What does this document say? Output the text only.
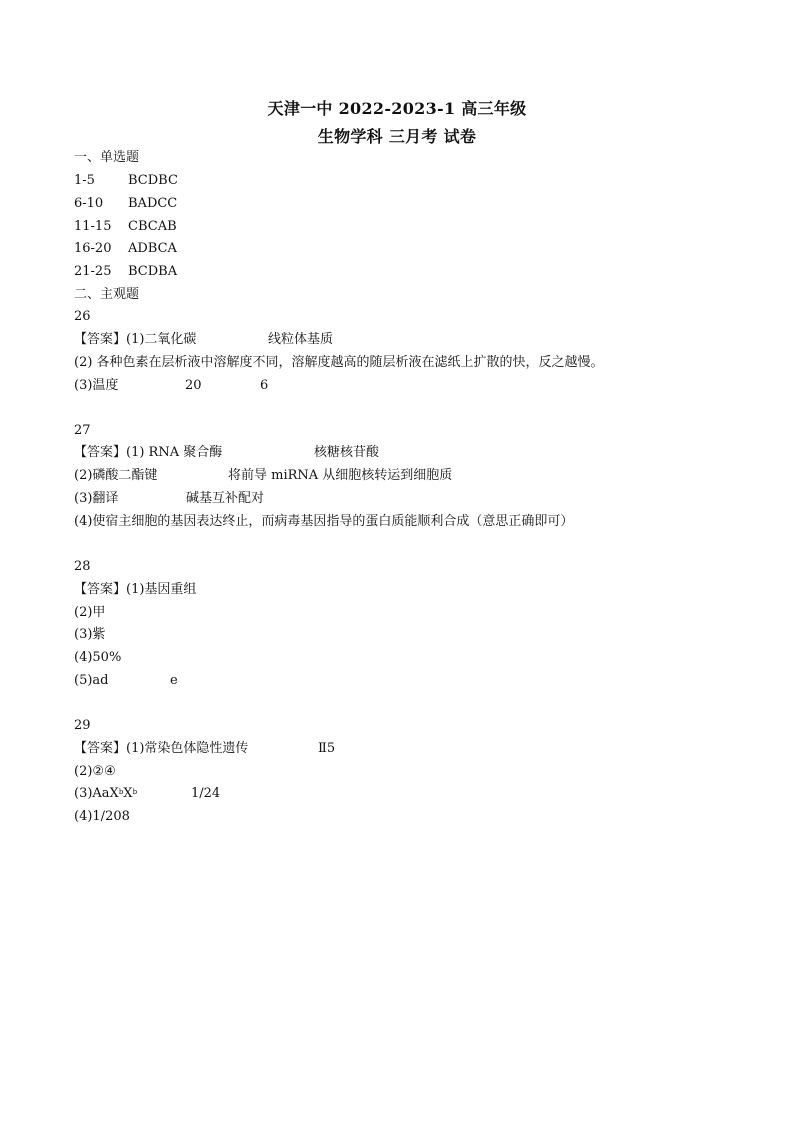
天津一中 2022-2023-1 高三年级
生物学科 三月考 试卷
一、单选题
1-5	BCDBC
6-10 BADCC
11-15 CBCAB
16-20 ADBCA
21-25 BCDBA
二、主观题
26
【答案】(1)二氧化碳	线粒体基质
(2) 各种色素在层析液中溶解度不同，溶解度越高的随层析液在滤纸上扩散的快，反之越慢。
(3)温度	20	6
27
【答案】(1) RNA 聚合酶	核糖核苷酸
(2)磷酸二酯键	将前导 miRNA 从细胞核转运到细胞质
(3)翻译	碱基互补配对
(4)使宿主细胞的基因表达终止，而病毒基因指导的蛋白质能顺利合成（意思正确即可）
28
【答案】(1)基因重组
(2)甲
(3)紫
(4)50%
(5)ad	e
29
【答案】(1)常染色体隐性遗传	Ⅱ5
(2)②④
$(3)AaX^bX^b$	1/24
(4)1/208
